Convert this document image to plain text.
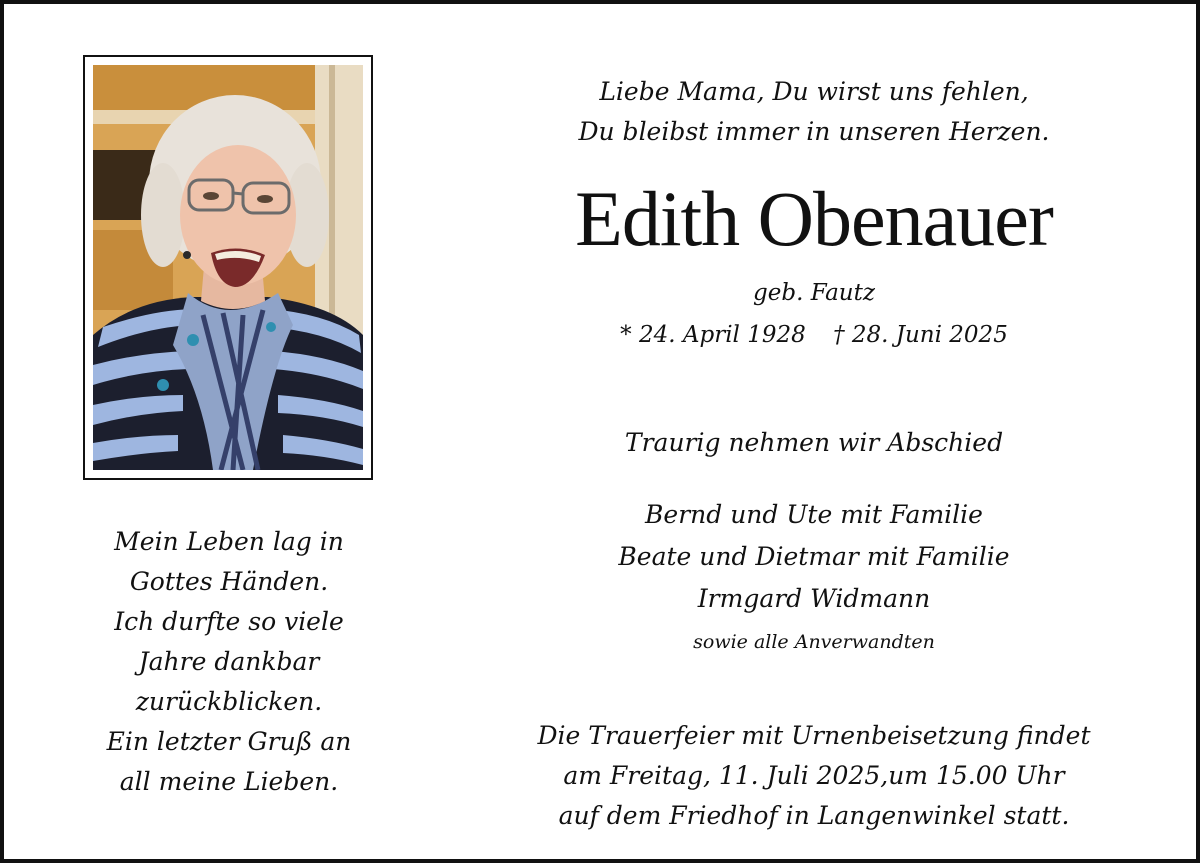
Mein Leben lag in
Gottes Händen.
Ich durfte so viele
Jahre dankbar
zurückblicken.
Ein letzter Gruß an
all meine Lieben.
Liebe Mama, Du wirst uns fehlen,
Du bleibst immer in unseren Herzen.
Edith Obenauer
geb. Fautz
* 24. April 1928 † 28. Juni 2025
Traurig nehmen wir Abschied
Bernd und Ute mit Familie
Beate und Dietmar mit Familie
Irmgard Widmann
sowie alle Anverwandten
Die Trauerfeier mit Urnenbeisetzung findet
am Freitag, 11. Juli 2025,um 15.00 Uhr
auf dem Friedhof in Langenwinkel statt.
